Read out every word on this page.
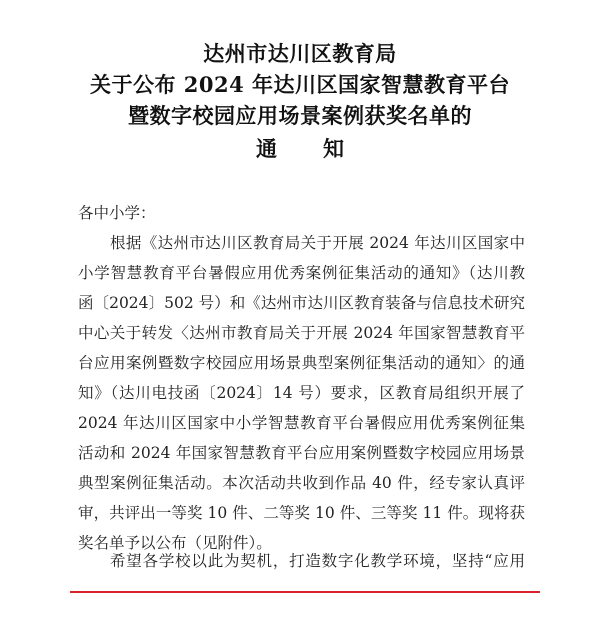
达州市达川区教育局
关于公布 2024 年达川区国家智慧教育平台
暨数字校园应用场景案例获奖名单的
通知
各中小学：
根据《达州市达川区教育局关于开展 2024 年达川区国家中
小学智慧教育平台暑假应用优秀案例征集活动的通知》（达川教
函〔2024〕502 号）和《达州市达川区教育装备与信息技术研究
中心关于转发〈达州市教育局关于开展 2024 年国家智慧教育平
台应用案例暨数字校园应用场景典型案例征集活动的通知〉的通
知》（达川电技函〔2024〕14 号）要求，区教育局组织开展了
2024 年达川区国家中小学智慧教育平台暑假应用优秀案例征集
活动和 2024 年国家智慧教育平台应用案例暨数字校园应用场景
典型案例征集活动。本次活动共收到作品 40 件，经专家认真评
审，共评出一等奖 10 件、二等奖 10 件、三等奖 11 件。现将获
奖名单予以公布（见附件）。
希望各学校以此为契机，打造数字化教学环境，坚持“应用
